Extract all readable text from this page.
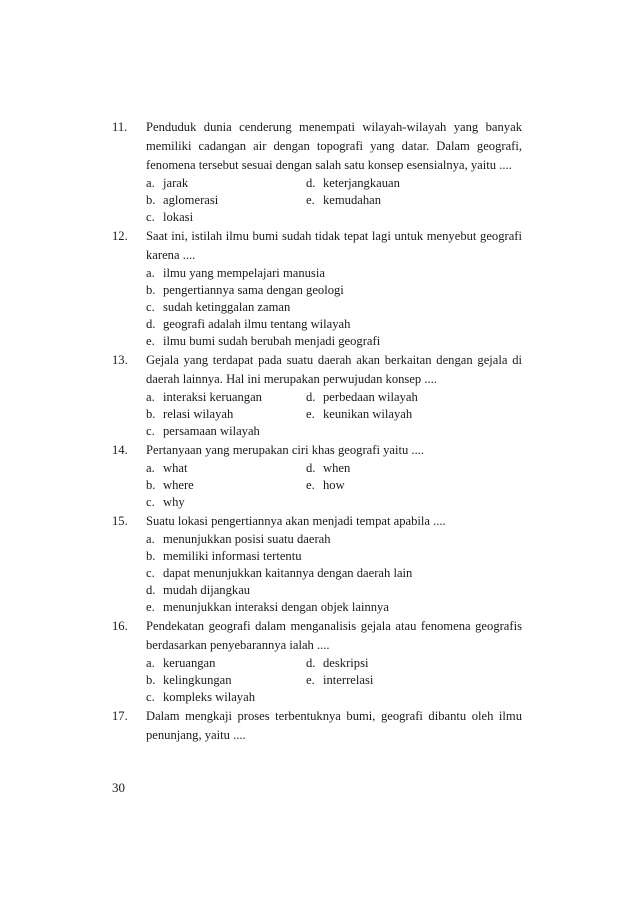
11.	Penduduk dunia cenderung menempati wilayah-wilayah yang banyak memiliki cadangan air dengan topografi yang datar. Dalam geografi, fenomena tersebut sesuai dengan salah satu konsep esensialnya, yaitu ....
a. jarak	d. keterjangkauan
b. aglomerasi	e. kemudahan
c. lokasi
12.	Saat ini, istilah ilmu bumi sudah tidak tepat lagi untuk menyebut geografi karena ....
a. ilmu yang mempelajari manusia
b. pengertiannya sama dengan geologi
c. sudah ketinggalan zaman
d. geografi adalah ilmu tentang wilayah
e. ilmu bumi sudah berubah menjadi geografi
13.	Gejala yang terdapat pada suatu daerah akan berkaitan dengan gejala di daerah lainnya. Hal ini merupakan perwujudan konsep ....
a. interaksi keruangan	d. perbedaan wilayah
b. relasi wilayah	e. keunikan wilayah
c. persamaan wilayah
14.	Pertanyaan yang merupakan ciri khas geografi yaitu ....
a. what	d. when
b. where	e. how
c. why
15.	Suatu lokasi pengertiannya akan menjadi tempat apabila ....
a. menunjukkan posisi suatu daerah
b. memiliki informasi tertentu
c. dapat menunjukkan kaitannya dengan daerah lain
d. mudah dijangkau
e. menunjukkan interaksi dengan objek lainnya
16.	Pendekatan geografi dalam menganalisis gejala atau fenomena geografis berdasarkan penyebarannya ialah ....
a. keruangan	d. deskripsi
b. kelingkungan	e. interrelasi
c. kompleks wilayah
17.	Dalam mengkaji proses terbentuknya bumi, geografi dibantu oleh ilmu penunjang, yaitu ....
30
